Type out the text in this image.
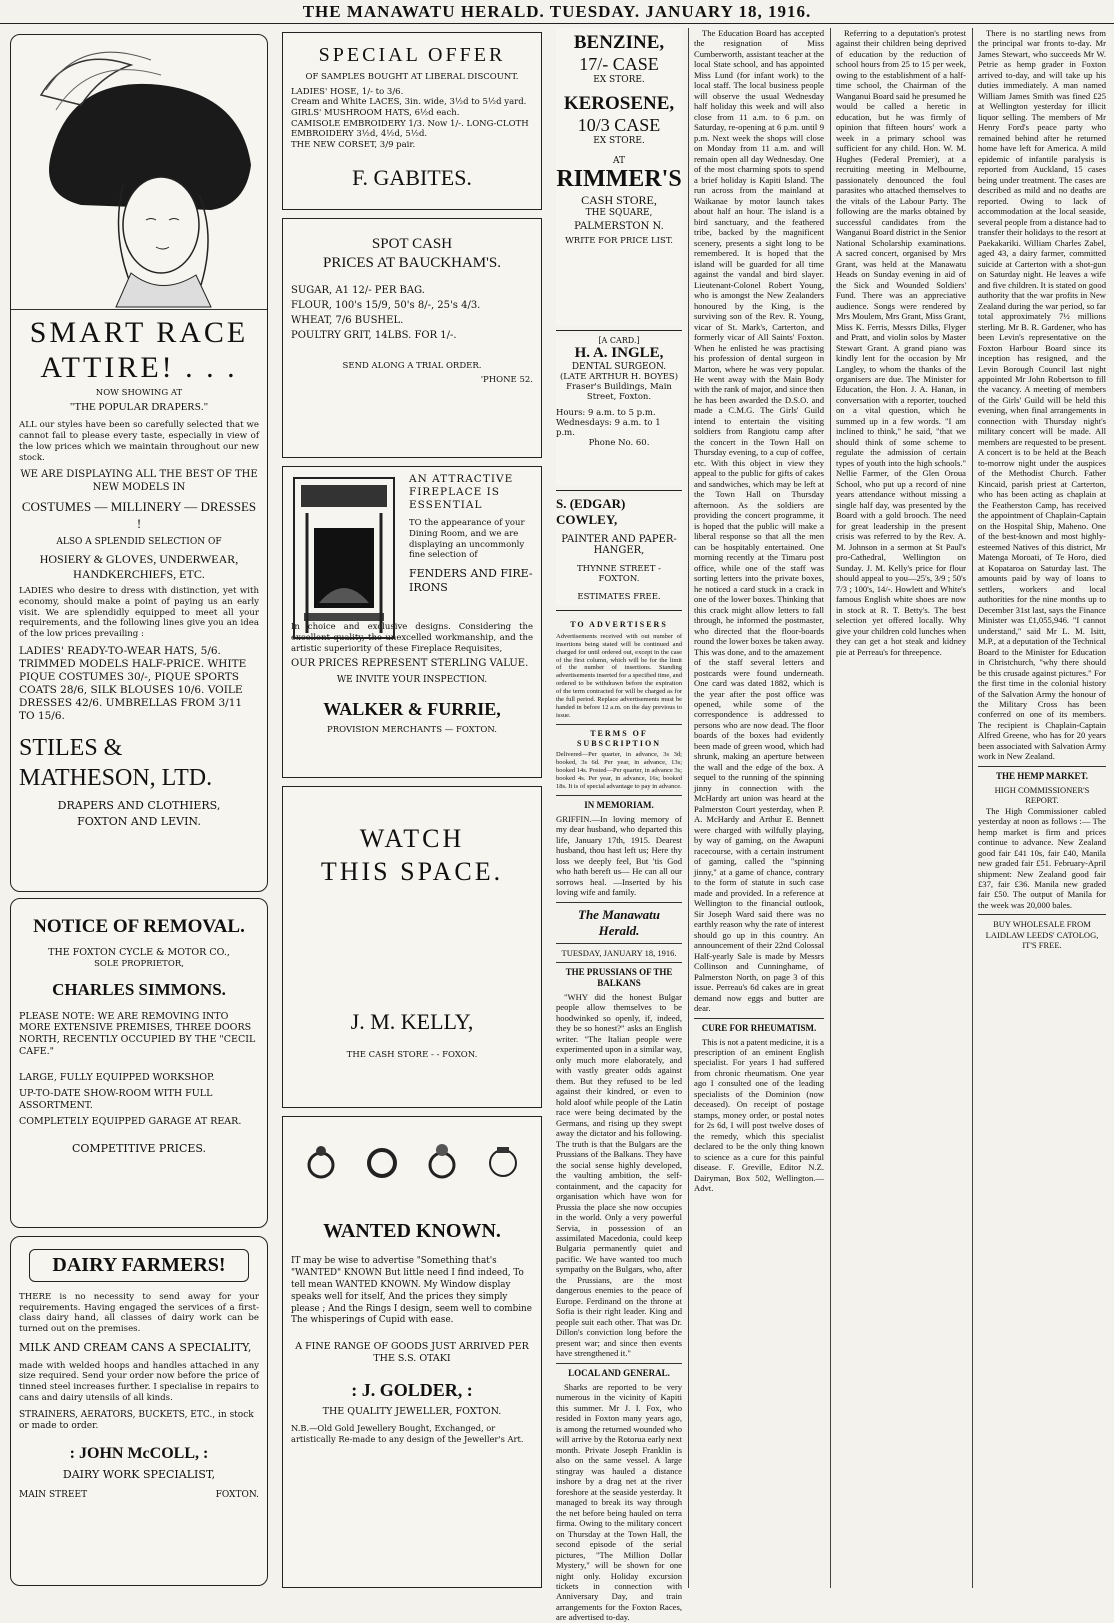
THE MANAWATU HERALD. TUESDAY. JANUARY 18, 1916.
SMART RACE
ATTIRE! . . .
NOW SHOWING AT
"THE POPULAR DRAPERS."
ALL our styles have been so carefully selected that we cannot fail to please every taste, especially in view of the low prices which we maintain throughout our new stock.
WE ARE DISPLAYING ALL THE BEST OF THE NEW MODELS IN
COSTUMES — MILLINERY — DRESSES !
ALSO A SPLENDID SELECTION OF
HOSIERY & GLOVES, UNDERWEAR, HANDKERCHIEFS, ETC.
LADIES who desire to dress with distinction, yet with economy, should make a point of paying us an early visit. We are splendidly equipped to meet all your requirements, and the following lines give you an idea of the low prices prevailing :
LADIES' READY-TO-WEAR HATS, 5/6. TRIMMED MODELS HALF-PRICE. WHITE PIQUE COSTUMES 30/-, PIQUE SPORTS COATS 28/6, SILK BLOUSES 10/6. VOILE DRESSES 42/6. UMBRELLAS FROM 3/11 TO 15/6.
STILES &
MATHESON, LTD.
DRAPERS AND CLOTHIERS,
FOXTON AND LEVIN.
NOTICE OF REMOVAL.
THE FOXTON CYCLE & MOTOR CO.,
SOLE PROPRIETOR,
CHARLES SIMMONS.
PLEASE NOTE: WE ARE REMOVING INTO MORE EXTENSIVE PREMISES, THREE DOORS NORTH, RECENTLY OCCUPIED BY THE "CECIL CAFE."
LARGE, FULLY EQUIPPED WORKSHOP.
UP-TO-DATE SHOW-ROOM WITH FULL ASSORTMENT.
COMPLETELY EQUIPPED GARAGE AT REAR.
COMPETITIVE PRICES.
DAIRY FARMERS!
THERE is no necessity to send away for your requirements. Having engaged the services of a first-class dairy hand, all classes of dairy work can be turned out on the premises.
MILK AND CREAM CANS A SPECIALITY,
made with welded hoops and handles attached in any size required. Send your order now before the price of tinned steel increases further. I specialise in repairs to cans and dairy utensils of all kinds.
STRAINERS, AERATORS, BUCKETS, ETC., in stock or made to order.
: JOHN McCOLL, :
DAIRY WORK SPECIALIST,
MAIN STREET	FOXTON.
SPECIAL OFFER
OF SAMPLES BOUGHT AT LIBERAL DISCOUNT.
LADIES' HOSE, 1/- to 3/6.
Cream and White LACES, 3in. wide, 3½d to 5½d yard.
GIRLS' MUSHROOM HATS, 6½d each.
CAMISOLE EMBROIDERY 1/3. Now 1/-. LONG-CLOTH EMBROIDERY 3½d, 4½d, 5½d.
THE NEW CORSET, 3/9 pair.
F. GABITES.
SPOT CASH
PRICES AT BAUCKHAM'S.
SUGAR, A1 12/- PER BAG.
FLOUR, 100's 15/9, 50's 8/-, 25's 4/3.
WHEAT, 7/6 BUSHEL.
POULTRY GRIT, 14LBS. FOR 1/-.
SEND ALONG A TRIAL ORDER.
'PHONE 52.
AN ATTRACTIVE FIREPLACE IS ESSENTIAL
TO the appearance of your Dining Room, and we are displaying an uncommonly fine selection of
FENDERS AND FIRE-IRONS
In choice and exclusive designs. Considering the excellent quality, the unexcelled workmanship, and the artistic superiority of these Fireplace Requisites,
OUR PRICES REPRESENT STERLING VALUE.
WE INVITE YOUR INSPECTION.
WALKER & FURRIE,
PROVISION MERCHANTS — FOXTON.
WATCH
THIS SPACE.
J. M. KELLY,
THE CASH STORE - - FOXON.
WANTED KNOWN.
IT may be wise to advertise "Something that's "WANTED" KNOWN But little need I find indeed, To tell mean WANTED KNOWN. My Window display speaks well for itself, And the prices they simply please ; And the Rings I design, seem well to combine The whisperings of Cupid with ease.
A FINE RANGE OF GOODS JUST ARRIVED PER THE S.S. OTAKI
: J. GOLDER, :
THE QUALITY JEWELLER, FOXTON.
N.B.—Old Gold Jewellery Bought, Exchanged, or artistically Re-made to any design of the Jeweller's Art.
BENZINE,
17/- CASE
EX STORE.
KEROSENE,
10/3 CASE
EX STORE.
AT
RIMMER'S
CASH STORE,
THE SQUARE,
PALMERSTON N.
WRITE FOR PRICE LIST.
[A CARD.]
H. A. INGLE,
DENTAL SURGEON.
(LATE ARTHUR H. BOYES)
Fraser's Buildings, Main Street, Foxton.
Hours: 9 a.m. to 5 p.m. Wednesdays: 9 a.m. to 1 p.m.
Phone No. 60.
S. (EDGAR) COWLEY,
PAINTER AND PAPER-HANGER,
THYNNE STREET - FOXTON.
ESTIMATES FREE.
TO ADVERTISERS
Advertisements received with out number of insertions being stated will be continued and charged for until ordered out, except in the case of the first column, which will be for the limit of the number of insertions. Standing advertisements inserted for a specified time, and ordered to be withdrawn before the expiration of the term contracted for will be charged as for the full period. Replace advertisements must be handed in before 12 a.m. on the day previous to issue.
TERMS OF SUBSCRIPTION
Delivered—Per quarter, in advance, 3s 3d; booked, 3s 6d. Per year, in advance, 13s; booked 14s. Posted—Per quarter, in advance 3s; booked 4s. Per year, in advance, 16s; booked 18s. It is of special advantage to pay in advance.
IN MEMORIAM.
GRIFFIN.—In loving memory of my dear husband, who departed this life, January 17th, 1915. Dearest husband, thou hast left us; Here thy loss we deeply feel, But 'tis God who hath bereft us— He can all our sorrows heal. —Inserted by his loving wife and family.
The Manawatu Herald.
TUESDAY, JANUARY 18, 1916.
THE PRUSSIANS OF THE BALKANS

"WHY did the honest Bulgar people allow themselves to be hoodwinked so openly, if, indeed, they be so honest?" asks an English writer. "The Italian people were experimented upon in a similar way, only much more elaborately, and with vastly greater odds against them. But they refused to be led against their kindred, or even to hold aloof while people of the Latin race were being decimated by the Germans, and rising up they swept away the dictator and his following. The truth is that the Bulgars are the Prussians of the Balkans. They have the social sense highly developed, the vaulting ambition, the self-containment, and the capacity for organisation which have won for Prussia the place she now occupies in the world. Only a very powerful Servia, in possession of an assimilated Macedonia, could keep Bulgaria permanently quiet and pacific. We have wanted too much sympathy on the Bulgars, who, after the Prussians, are the most dangerous enemies to the peace of Europe. Ferdinand on the throne at Sofia is their right leader. King and people suit each other. That was Dr. Dillon's conviction long before the present war; and since then events have strengthened it."

LOCAL AND GENERAL.

Sharks are reported to be very numerous in the vicinity of Kapiti this summer. Mr J. I. Fox, who resided in Foxton many years ago, is among the returned wounded who will arrive by the Rotorua early next month. Private Joseph Franklin is also on the same vessel. A large stingray was hauled a distance inshore by a drag net at the river foreshore at the seaside yesterday. It managed to break its way through the net before being hauled on terra firma. Owing to the military concert on Thursday at the Town Hall, the second episode of the serial pictures, "The Million Dollar Mystery," will be shown for one night only. Holiday excursion tickets in connection with Anniversary Day, and train arrangements for the Foxton Races, are advertised to-day.

The Education Board has accepted the resignation of Miss Cumberworth, assistant teacher at the local State school, and has appointed Miss Lund (for infant work) to the local staff. The local business people will observe the usual Wednesday half holiday this week and will also close from 11 a.m. to 6 p.m. on Saturday, re-opening at 6 p.m. until 9 p.m. Next week the shops will close on Monday from 11 a.m. and will remain open all day Wednesday. One of the most charming spots to spend a brief holiday is Kapiti Island. The run across from the mainland at Waikanae by motor launch takes about half an hour. The island is a bird sanctuary, and the feathered tribe, backed by the magnificent scenery, presents a sight long to be remembered. It is hoped that the island will be guarded for all time against the vandal and bird slayer. Lieutenant-Colonel Robert Young, who is amongst the New Zealanders honoured by the King, is the surviving son of the Rev. R. Young, vicar of St. Mark's, Carterton, and formerly vicar of All Saints' Foxton. When he enlisted he was practising his profession of dental surgeon in Marton, where he was very popular. He went away with the Main Body with the rank of major, and since then he has been awarded the D.S.O. and made a C.M.G. The Girls' Guild intend to entertain the visiting soldiers from Rangiotu camp after the concert in the Town Hall on Thursday evening, to a cup of coffee, etc. With this object in view they appeal to the public for gifts of cakes and sandwiches, which may be left at the Town Hall on Thursday afternoon. As the soldiers are providing the concert programme, it is hoped that the public will make a liberal response so that all the men can be hospitably entertained. One morning recently at the Timaru post office, while one of the staff was sorting letters into the private boxes, he noticed a card stuck in a crack in one of the lower boxes. Thinking that this crack might allow letters to fall through, he informed the postmaster, who directed that the floor-boards round the lower boxes be taken away. This was done, and to the amazement of the staff several letters and postcards were found underneath. One card was dated 1882, which is the year after the post office was opened, while some of the correspondence is addressed to persons who are now dead. The floor boards of the boxes had evidently been made of green wood, which had shrunk, making an aperture between the wall and the edge of the box. A sequel to the running of the spinning jinny in connection with the McHardy art union was heard at the Palmerston Court yesterday, when P. A. McHardy and Arthur E. Bennett were charged with wilfully playing, by way of gaming, on the Awapuni racecourse, with a certain instrument of gaming, called the "spinning jinny," at a game of chance, contrary to the form of statute in such case made and provided. In a reference at Wellington to the financial outlook, Sir Joseph Ward said there was no earthly reason why the rate of interest should go up in this country. An announcement of their 22nd Colossal Half-yearly Sale is made by Messrs Collinson and Cunninghame, of Palmerston North, on page 3 of this issue. Perreau's 6d cakes are in great demand now eggs and butter are dear.

CURE FOR RHEUMATISM.

This is not a patent medicine, it is a prescription of an eminent English specialist. For years I had suffered from chronic rheumatism. One year ago I consulted one of the leading specialists of the Dominion (now deceased). On receipt of postage stamps, money order, or postal notes for 2s 6d, I will post twelve doses of the remedy, which this specialist declared to be the only thing known to science as a cure for this painful disease. F. Greville, Editor N.Z. Dairyman, Box 502, Wellington.—Advt.

Referring to a deputation's protest against their children being deprived of education by the reduction of school hours from 25 to 15 per week, owing to the establishment of a half-time school, the Chairman of the Wanganui Board said he presumed he would be called a heretic in education, but he was firmly of opinion that fifteen hours' work a week in a primary school was sufficient for any child. Hon. W. M. Hughes (Federal Premier), at a recruiting meeting in Melbourne, passionately denounced the foul parasites who attached themselves to the vitals of the Labour Party. The following are the marks obtained by successful candidates from the Wanganui Board district in the Senior National Scholarship examinations. A sacred concert, organised by Mrs Grant, was held at the Manawatu Heads on Sunday evening in aid of the Sick and Wounded Soldiers' Fund. There was an appreciative audience. Songs were rendered by Mrs Moulem, Mrs Grant, Miss Grant, Miss K. Ferris, Messrs Dilks, Flyger and Pratt, and violin solos by Master Stewart Grant. A grand piano was kindly lent for the occasion by Mr Langley, to whom the thanks of the organisers are due. The Minister for Education, the Hon. J. A. Hanan, in conversation with a reporter, touched on a vital question, which he summed up in a few words. "I am inclined to think," he said, "that we should think of some scheme to regulate the admission of certain types of youth into the high schools." Nellie Farmer, of the Glen Oroua School, who put up a record of nine years attendance without missing a single half day, was presented by the Board with a gold brooch. The need for great leadership in the present crisis was referred to by the Rev. A. M. Johnson in a sermon at St Paul's pro-Cathedral, Wellington on Sunday. J. M. Kelly's price for flour should appeal to you—25's, 3/9 ; 50's 7/3 ; 100's, 14/-. Howlett and White's famous English white shoes are now in stock at R. T. Betty's. The best selection yet offered locally. Why give your children cold lunches when they can get a hot steak and kidney pie at Perreau's for threepence.

There is no startling news from the principal war fronts to-day. Mr James Stewart, who succeeds Mr W. Petrie as hemp grader in Foxton arrived to-day, and will take up his duties immediately. A man named William James Smith was fined £25 at Wellington yesterday for illicit liquor selling. The members of Mr Henry Ford's peace party who remained behind after he returned home have left for America. A mild epidemic of infantile paralysis is reported from Auckland, 15 cases being under treatment. The cases are described as mild and no deaths are reported. Owing to lack of accommodation at the local seaside, several people from a distance had to transfer their holidays to the resort at Paekakariki. William Charles Zabel, aged 43, a dairy farmer, committed suicide at Carterton with a shot-gun on Saturday night. He leaves a wife and five children. It is stated on good authority that the war profits in New Zealand during the war period, so far total approximately 7½ millions sterling. Mr B. R. Gardener, who has been Levin's representative on the Foxton Harbour Board since its inception has resigned, and the Levin Borough Council last night appointed Mr John Robertson to fill the vacancy. A meeting of members of the Girls' Guild will be held this evening, when final arrangements in connection with Thursday night's military concert will be made. All members are requested to be present. A concert is to be held at the Beach to-morrow night under the auspices of the Methodist Church. Father Kincaid, parish priest at Carterton, who has been acting as chaplain at the Featherston Camp, has received the appointment of Chaplain-Captain on the Hospital Ship, Maheno. One of the best-known and most highly-esteemed Natives of this district, Mr Matenga Moroati, of Te Horo, died at Kopataroa on Saturday last. The amounts paid by way of loans to settlers, workers and local authorities for the nine months up to December 31st last, says the Finance Minister was £1,055,946. "I cannot understand," said Mr L. M. Isitt, M.P., at a deputation of the Technical Board to the Minister for Education in Christchurch, "why there should be this crusade against pictures." For the first time in the colonial history of the Salvation Army the honour of the Military Cross has been conferred on one of its members. The recipient is Chaplain-Captain Alfred Greene, who has for 20 years been associated with Salvation Army work in New Zealand.

THE HEMP MARKET.
HIGH COMMISSIONER'S REPORT.

The High Commissioner cabled yesterday at noon as follows :— The hemp market is firm and prices continue to advance. New Zealand good fair £41 10s, fair £40, Manila new graded fair £51. February-April shipment: New Zealand good fair £37, fair £36. Manila new graded fair £50. The output of Manila for the week was 20,000 bales.

BUY WHOLESALE FROM LAIDLAW LEEDS' CATOLOG, IT'S FREE.
